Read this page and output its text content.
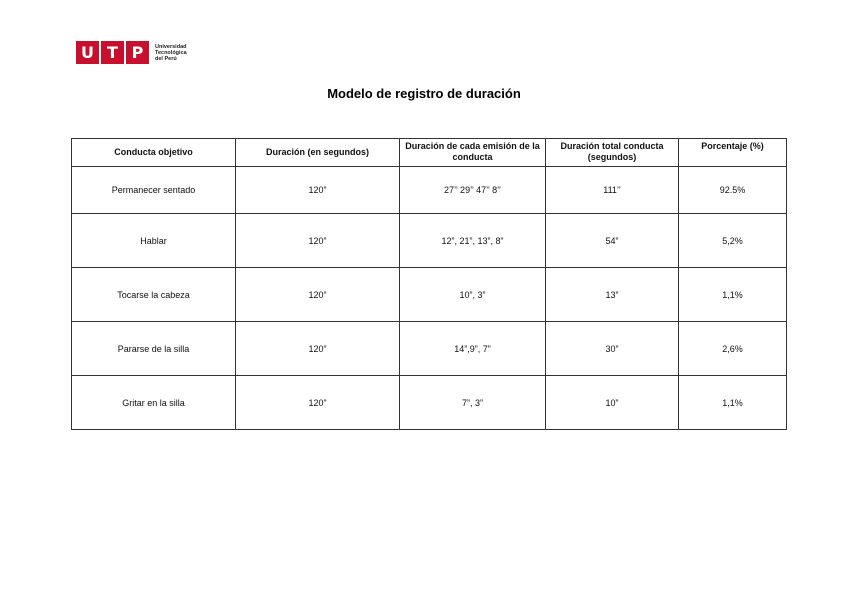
U T P	Universidad
Tecnológica
del Perú
Modelo de registro de duración
Conducta objetivo	Duración (en segundos)	Duración de cada emisión de la conducta	Duración total conducta (segundos)	Porcentaje (%)
Permanecer sentado	120”	27’’ 29’’ 47’’ 8’’	111’’	92.5%
Hablar	120”	12”, 21”, 13”, 8”	54”	5,2%
Tocarse la cabeza	120”	10”, 3”	13”	1,1%
Pararse de la silla	120”	14”,9”, 7”	30”	2,6%
Gritar en la silla	120”	7”, 3”	10”	1,1%
